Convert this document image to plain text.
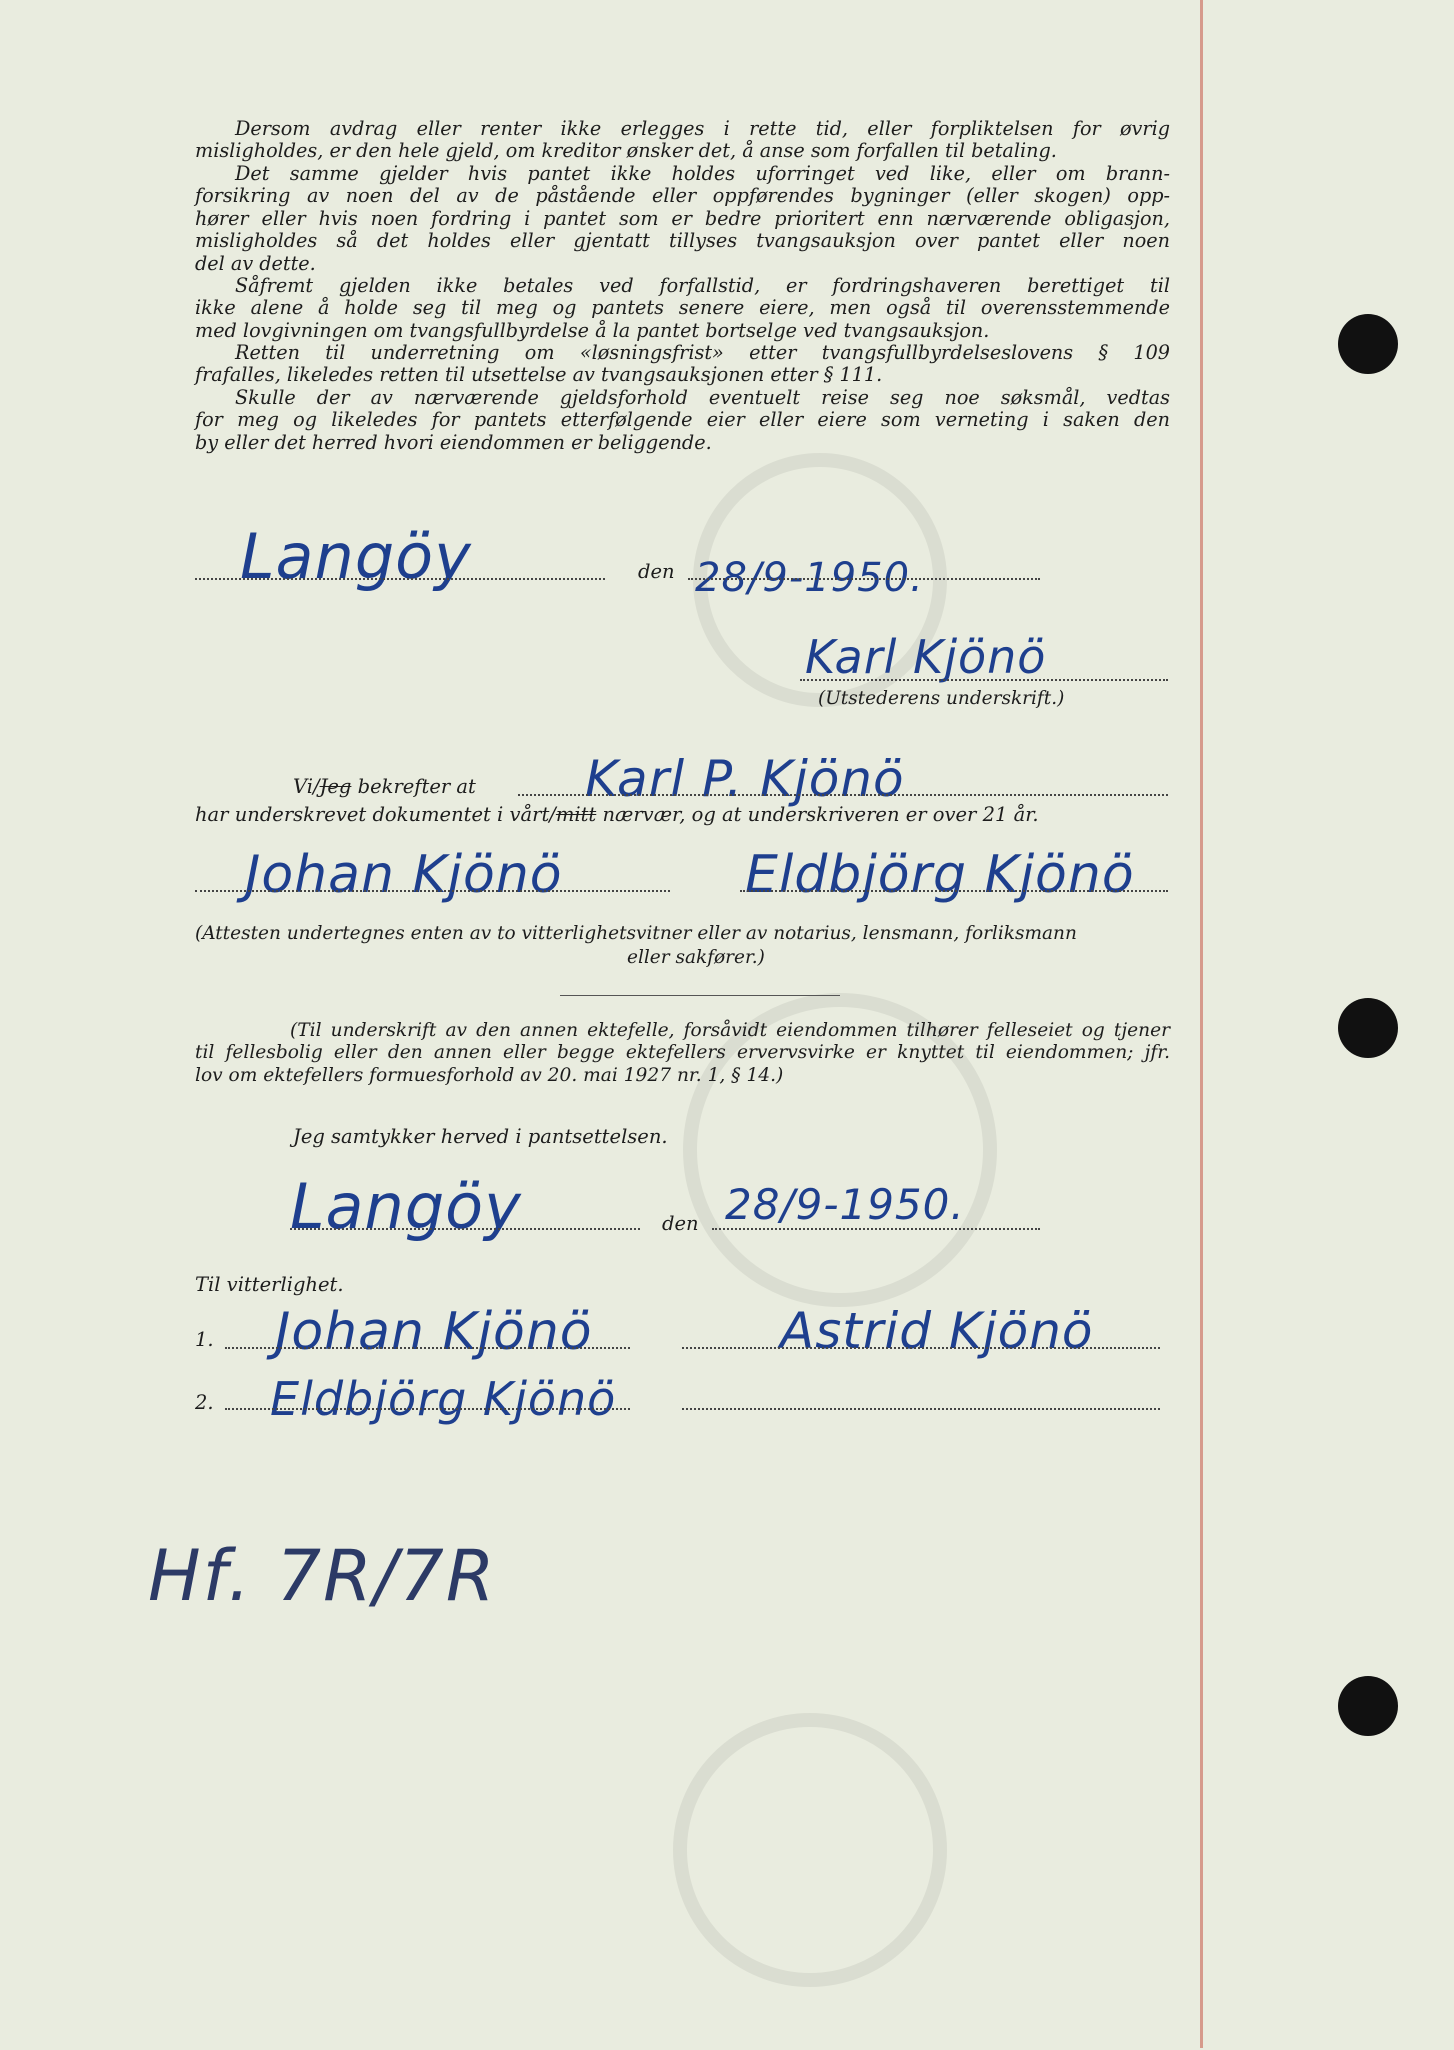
Dersom avdrag eller renter ikke erlegges i rette tid, eller forpliktelsen for øvrig
misligholdes, er den hele gjeld, om kreditor ønsker det, å anse som forfallen til betaling.
Det samme gjelder hvis pantet ikke holdes uforringet ved like, eller om brann-
forsikring av noen del av de påstående eller oppførendes bygninger (eller skogen) opp-
hører eller hvis noen fordring i pantet som er bedre prioritert enn nærværende obligasjon,
misligholdes så det holdes eller gjentatt tillyses tvangsauksjon over pantet eller noen
del av dette.
Såfremt gjelden ikke betales ved forfallstid, er fordringshaveren berettiget til
ikke alene å holde seg til meg og pantets senere eiere, men også til overensstemmende
med lovgivningen om tvangsfullbyrdelse å la pantet bortselge ved tvangsauksjon.
Retten til underretning om «løsningsfrist» etter tvangsfullbyrdelseslovens § 109
frafalles, likeledes retten til utsettelse av tvangsauksjonen etter § 111.
Skulle der av nærværende gjeldsforhold eventuelt reise seg noe søksmål, vedtas
for meg og likeledes for pantets etterfølgende eier eller eiere som verneting i saken den
by eller det herred hvori eiendommen er beliggende.
Langöy	den 28/9-1950.
Karl Kjönö
(Utstederens underskrift.)
Vi/Jeg bekrefter at Karl P. Kjönö
har underskrevet dokumentet i vårt/mitt nærvær, og at underskriveren er over 21 år.
Johan Kjönö	Eldbjörg Kjönö
(Attesten undertegnes enten av to vitterlighetsvitner eller av notarius, lensmann, forliksmann
eller sakfører.)
(Til underskrift av den annen ektefelle, forsåvidt eiendommen tilhører felleseiet og tjener
til fellesbolig eller den annen eller begge ektefellers ervervsvirke er knyttet til eiendommen; jfr.
lov om ektefellers formuesforhold av 20. mai 1927 nr. 1, § 14.)
Jeg samtykker herved i pantsettelsen.
Langöy	den 28/9-1950.
Til vitterlighet.
1. Johan Kjönö	Astrid Kjönö
2. Eldbjörg Kjönö
Hf. 7R/7R
